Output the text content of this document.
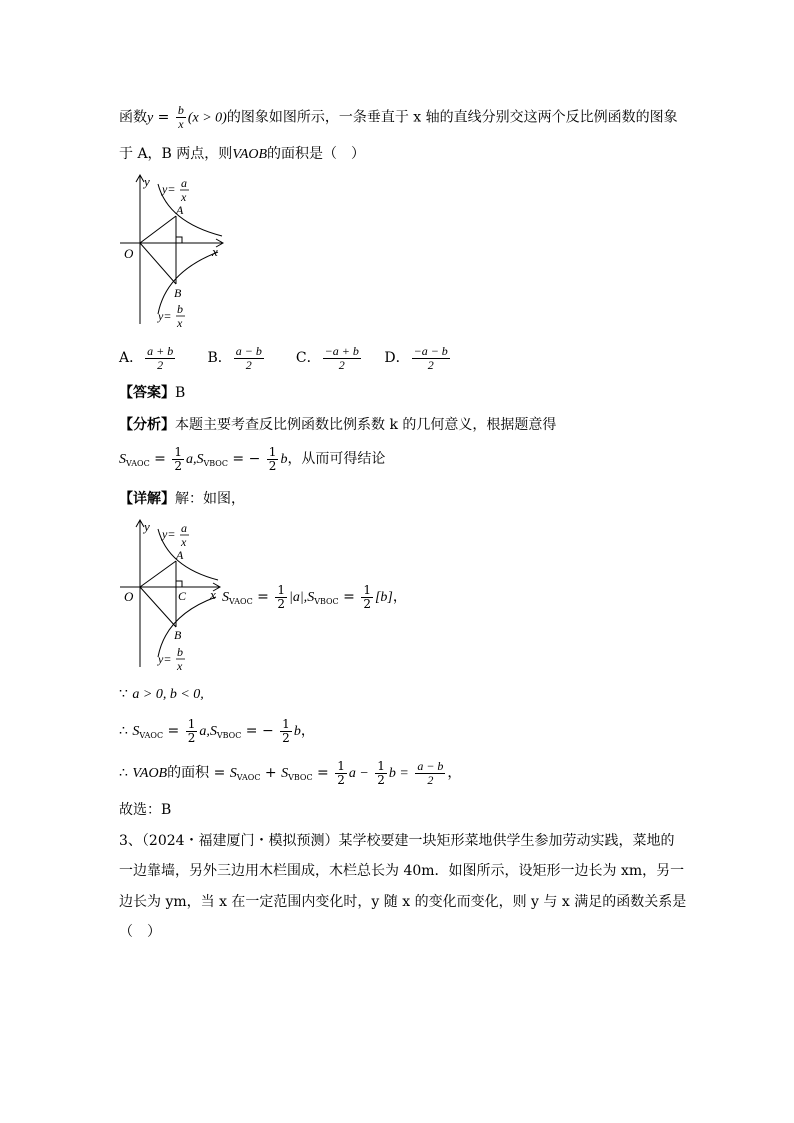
函数$y = \frac{b}{x} (x > 0)$的图象如图所示，一条垂直于 x 轴的直线分别交这两个反比例函数的图象
于 A，B 两点，则VAOB的面积是（　）
y
x
O
A
B
y= a
x
y= b
x
A． $\frac{a + b}{2}$ B． $\frac{a - b}{2}$ C． $\frac{-a + b}{2}$ D． $\frac{-a - b}{2}$
【答案】B
【分析】本题主要考查反比例函数比例系数 k 的几何意义，根据题意得
$S_{VAOC} = \frac{1}{2} a,S_{VBOC}$ = − $\frac{1}{2}$ b，从而可得结论
【详解】解：如图，
y
x
O
A
C
B
y= a
x
y= b
x
$S_{VAOC} = \frac{1}{2} |a|,S_{VBOC} = \frac{1}{2} [b]$，
∵ a > 0, b < 0,
∴ $S_{VAOC} = \frac{1}{2} a,S_{VBOC}$ = − $\frac{1}{2}$ b，
∴ VAOB的面积 = $S_{VAOC} + S_{VBOC} = \frac{1}{2}$ $a - \frac{1}{2}$ $b = \frac{a - b}{2}$ ，
故选：B
3、（2024・福建厦门・模拟预测）某学校要建一块矩形菜地供学生参加劳动实践，菜地的
一边靠墙，另外三边用木栏围成，木栏总长为 40m．如图所示，设矩形一边长为 xm，另一
边长为 ym，当 x 在一定范围内变化时，y 随 x 的变化而变化，则 y 与 x 满足的函数关系是
（　）
